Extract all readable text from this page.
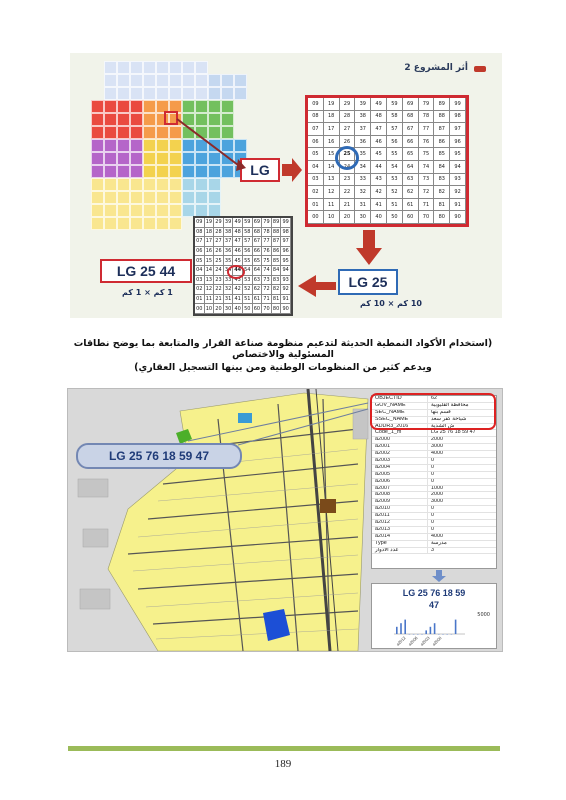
أثر المشروع 2
09	19	29	39	49	59	69	79	89	99
08	18	28	38	48	58	68	78	88	98
07	17	27	37	47	57	67	77	87	97
06	16	26	36	46	56	66	76	86	96
05	15	25	35	45	55	65	75	85	95
04	14	24	34	44	54	64	74	84	94
03	13	23	33	43	53	63	73	83	93
02	12	22	32	42	52	62	72	82	92
01	11	21	31	41	51	61	71	81	91
00	10	20	30	40	50	60	70	80	90
09 19 29 39 49 59 69 79 89 99
08 18 28 38 48 58 68 78 88 98
07 17 27 37 47 57 67 77 87 97
06 16 26 36 46 56 66 76 86 96
05 15 25 35 45 55 65 75 85 95
04 14 24 34 44 54 64 74 84 94
03 13 23 33 43 53 63 73 83 93
02 12 22 32 42 52 62 72 82 92
01 11 21 31 41 51 61 71 81 91
00 10 20 30 40 50 60 70 80 90
LG
LG 25
LG 25 44
1 كم × 1 كم
10 كم × 10 كم
(استخدام الأكواد النمطية الحديثة لتدعيم منظومة صناعة القرار والمتابعة بما يوضح نطاقات المسئولية والاختصاص
ويدعم كثير من المنظومات الوطنية ومن بينها التسجيل العقاري)
LG 25 76 18 59 47
OBJECTID	62
GOV_NAME	محافظة القليوبية
SEC_NAME	قسم بنها
SSEC_NAME	شياخة كفر سعد
ADDR3_2016	ش الشدية
Code_1_m	LG 25 76 18 59 47
a2000	2000
a2001	3000
a2002	4000
a2003	0
a2004	0
a2005	0
a2006	0
a2007	1000
a2008	2000
a2009	3000
a2010	0
a2011	0
a2012	0
a2013	0
a2014	4000
Type	مدرسة
عدد الأدوار	3
LG 25 76 18 59
47
5000
a2012 a2006 a2003 a2000
189
